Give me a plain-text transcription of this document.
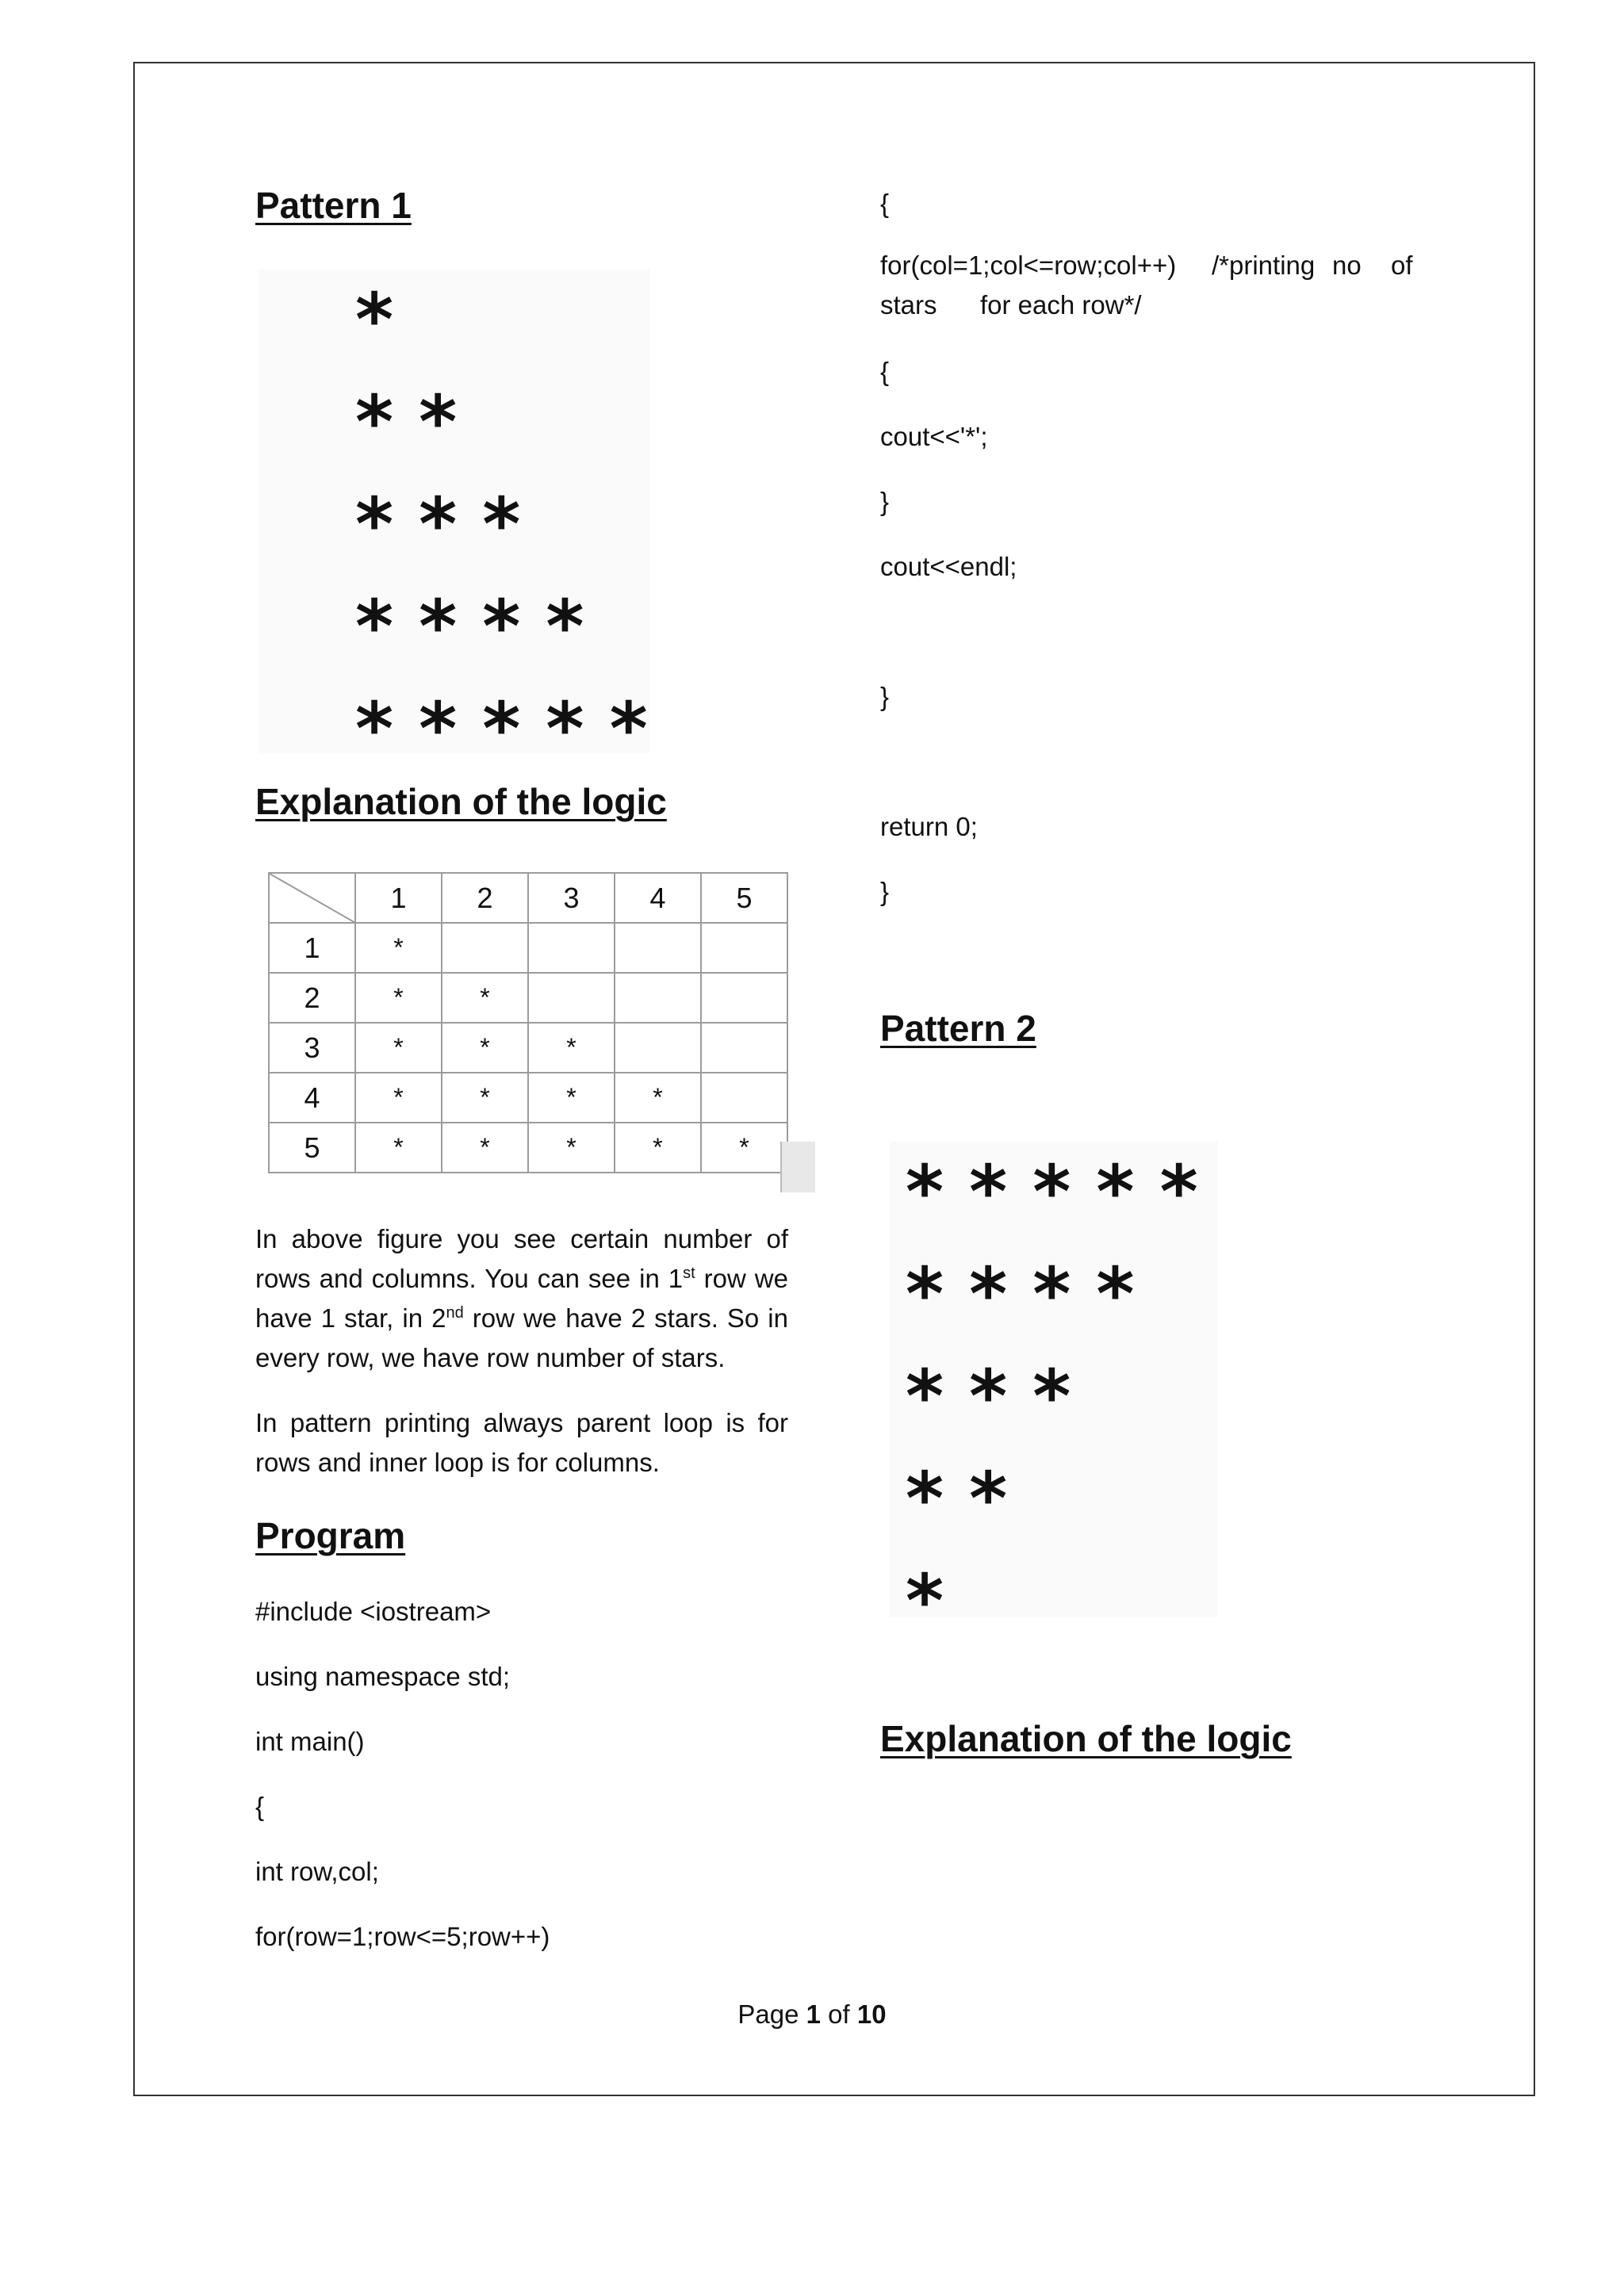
Pattern 1
*
* *
* * *
* * * *
* * * * *
Explanation of the logic
	1	2	3	4	5
1	*				
2	*	*			
3	*	*	*		
4	*	*	*	*	
5	*	*	*	*	*

In above figure you see certain number of rows and columns. You can see in 1st row we have 1 star, in 2nd row we have 2 stars. So in every row, we have row number of stars.

In pattern printing always parent loop is for rows and inner loop is for columns.

Program
#include <iostream>
using namespace std;
int main()
{
int row,col;
for(row=1;row<=5;row++)
{
for(col=1;col<=row;col++) /*printing no of
stars for each row*/
{
cout<<'*';
}
cout<<endl;
}
return 0;
}
Pattern 2
* * * * *
* * * *
* * *
* *
*
Explanation of the logic
Page 1 of 10
